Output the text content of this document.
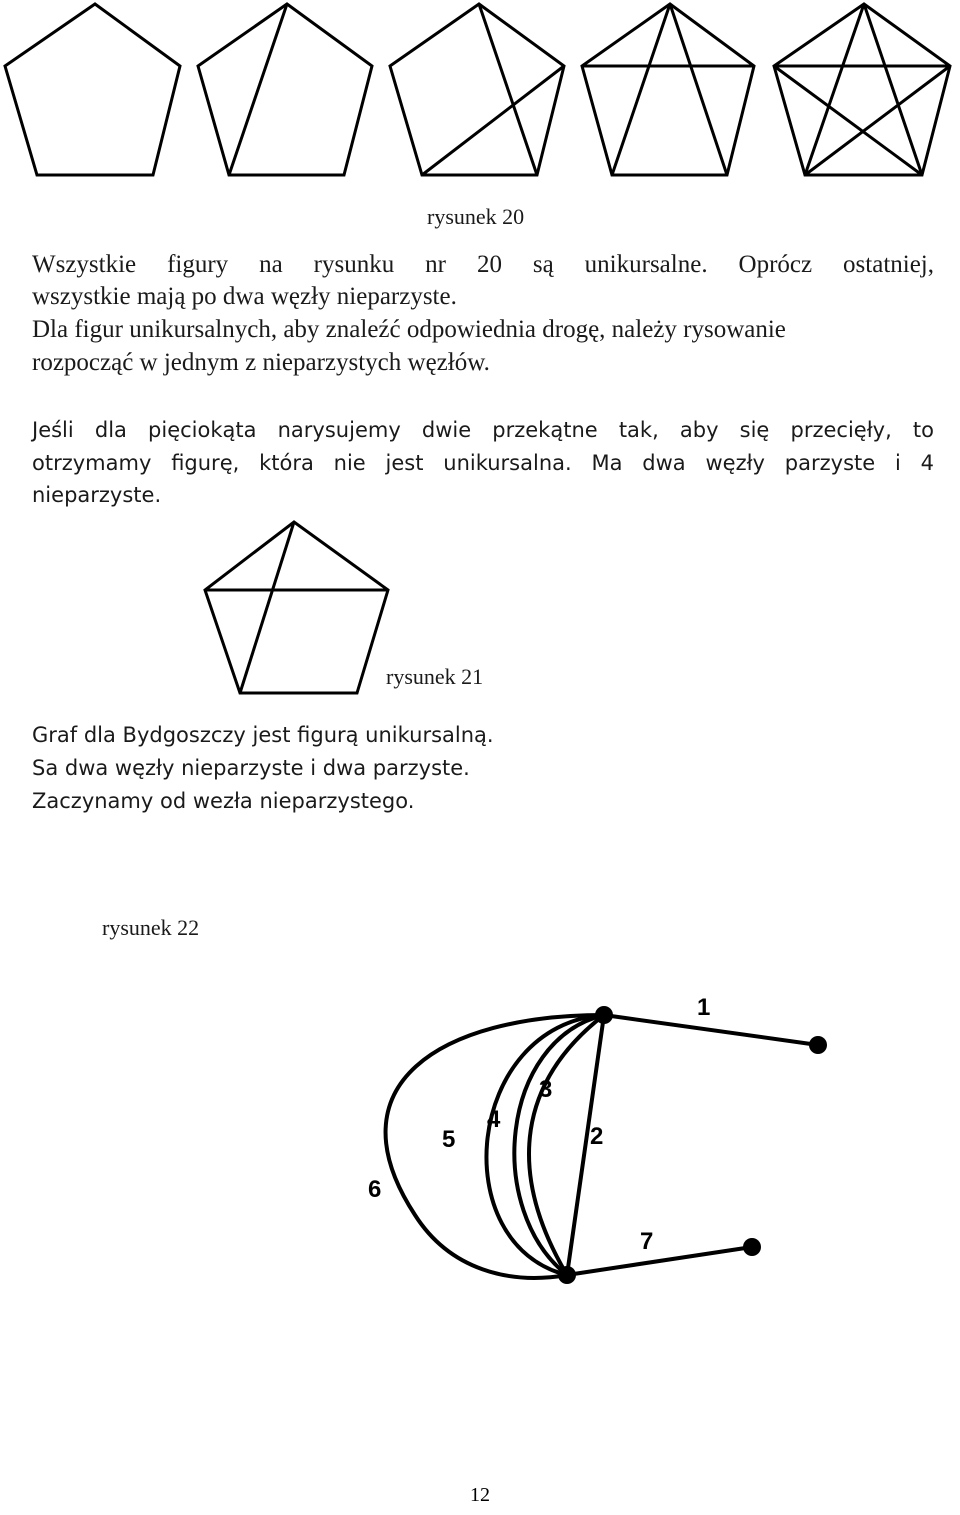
rysunek 20
Wszystkie figury na rysunku nr 20 są unikursalne. Oprócz ostatniej,
wszystkie mają po dwa węzły nieparzyste.
Dla figur unikursalnych, aby znaleźć odpowiednia drogę, należy rysowanie
rozpocząć w jednym z nieparzystych węzłów.
Jeśli dla pięciokąta narysujemy dwie przekątne tak, aby się przecięły, to
otrzymamy figurę, która nie jest unikursalna. Ma dwa węzły parzyste i 4
nieparzyste.
rysunek 21
Graf dla Bydgoszczy jest figurą unikursalną.
Sa dwa węzły nieparzyste i dwa parzyste.
Zaczynamy od wezła nieparzystego.
rysunek 22
1
2
3
4
5
6
7
12
